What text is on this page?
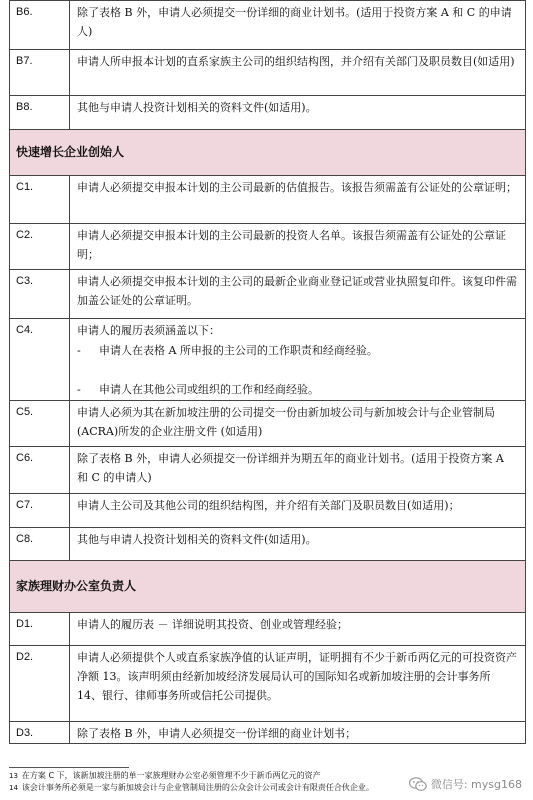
B6.	除了表格 B 外，申请人必须提交一份详细的商业计划书。(适用于投资方案 A 和 C 的申请人)
B7.	申请人所申报本计划的直系家族主公司的组织结构图，并介绍有关部门及职员数目(如适用)
B8.	其他与申请人投资计划相关的资料文件(如适用)。
快速增长企业创始人	
C1.	申请人必须提交申报本计划的主公司最新的估值报告。该报告须需盖有公证处的公章证明；
C2.	申请人必须提交申报本计划的主公司最新的投资人名单。该报告须需盖有公证处的公章证明；
C3.	申请人必须提交申报本计划的主公司的最新企业商业登记证或营业执照复印件。该复印件需加盖公证处的公章证明。
C4.	申请人的履历表须涵盖以下：
- 申请人在表格 A 所申报的主公司的工作职责和经商经验。
- 申请人在其他公司或组织的工作和经商经验。

C5.	申请人必须为其在新加坡注册的公司提交一份由新加坡公司与新加坡会计与企业管制局(ACRA)所发的企业注册文件 (如适用)
C6.	除了表格 B 外，申请人必须提交一份详细并为期五年的商业计划书。(适用于投资方案 A 和 C 的申请人)
C7.	申请人主公司及其他公司的组织结构图，并介绍有关部门及职员数目(如适用)；
C8.	其他与申请人投资计划相关的资料文件(如适用)。
家族理财办公室负责人	
D1.	申请人的履历表 － 详细说明其投资、创业或管理经验；
D2.	申请人必须提供个人或直系家族净值的认证声明，证明拥有不少于新币两亿元的可投资资产净额 13。该声明须由经新加坡经济发展局认可的国际知名或新加坡注册的会计事务所 14、银行、律师事务所或信托公司提供。
D3.	除了表格 B 外，申请人必须提交一份详细的商业计划书；
13 在方案 C 下，该新加坡注册的单一家族理财办公室必须管理不少于新币两亿元的资产
14 该会计事务所必须是一家与新加坡会计与企业管制局注册的公众会计公司或会计有限责任合伙企业。	微信号: mysg168
